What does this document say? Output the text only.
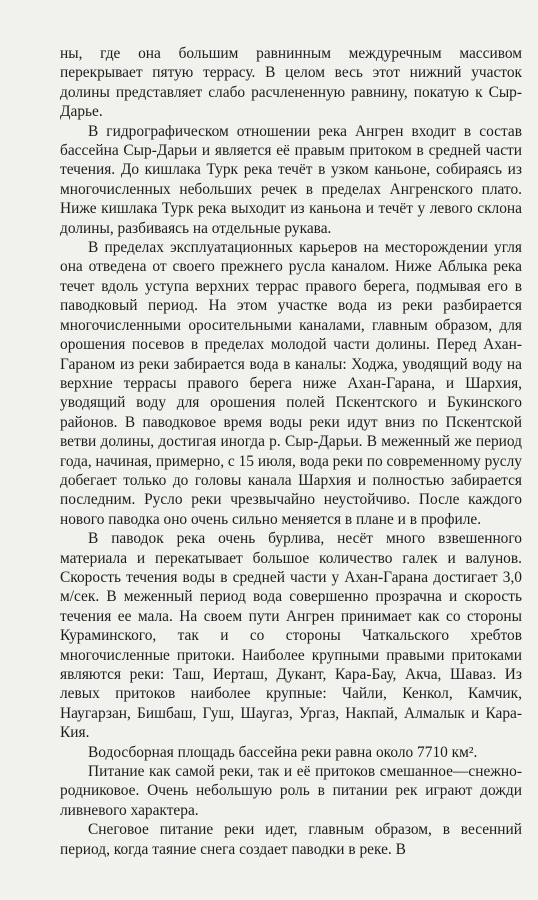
ны, где она большим равнинным междуречным массивом перекрывает пятую террасу. В целом весь этот нижний участок долины представляет слабо расчлененную равнину, покатую к Сыр-Дарье.

В гидрографическом отношении река Ангрен входит в состав бассейна Сыр-Дарьи и является её правым притоком в средней части течения. До кишлака Турк река течёт в узком каньоне, собираясь из многочисленных небольших речек в пределах Ангренского плато. Ниже кишлака Турк река выходит из каньона и течёт у левого склона долины, разбиваясь на отдельные рукава.

В пределах эксплуатационных карьеров на месторождении угля она отведена от своего прежнего русла каналом. Ниже Аблыка река течет вдоль уступа верхних террас правого берега, подмывая его в паводковый период. На этом участке вода из реки разбирается многочисленными оросительными каналами, главным образом, для орошения посевов в пределах молодой части долины. Перед Ахан-Гараном из реки забирается вода в каналы: Ходжа, уводящий воду на верхние террасы правого берега ниже Ахан-Гарана, и Шархия, уводящий воду для орошения полей Пскентского и Букинского районов. В паводковое время воды реки идут вниз по Пскентской ветви долины, достигая иногда р. Сыр-Дарьи. В меженный же период года, начиная, примерно, с 15 июля, вода реки по современному руслу добегает только до головы канала Шархия и полностью забирается последним. Русло реки чрезвычайно неустойчиво. После каждого нового паводка оно очень сильно меняется в плане и в профиле.

В паводок река очень бурлива, несёт много взвешенного материала и перекатывает большое количество галек и валунов. Скорость течения воды в средней части у Ахан-Гарана достигает 3,0 м/сек. В меженный период вода совершенно прозрачна и скорость течения ее мала. На своем пути Ангрен принимает как со стороны Кураминского, так и со стороны Чаткальского хребтов многочисленные притоки. Наиболее крупными правыми притоками являются реки: Таш, Иерташ, Дукант, Кара-Бау, Акча, Шаваз. Из левых притоков наиболее крупные: Чайли, Кенкол, Камчик, Наугарзан, Бишбаш, Гуш, Шаугаз, Ургаз, Накпай, Алмалык и Кара-Кия.

Водосборная площадь бассейна реки равна около 7710 км².

Питание как самой реки, так и её притоков смешанное—снежно-родниковое. Очень небольшую роль в питании рек играют дожди ливневого характера.

Снеговое питание реки идет, главным образом, в весенний период, когда таяние снега создает паводки в реке. В
